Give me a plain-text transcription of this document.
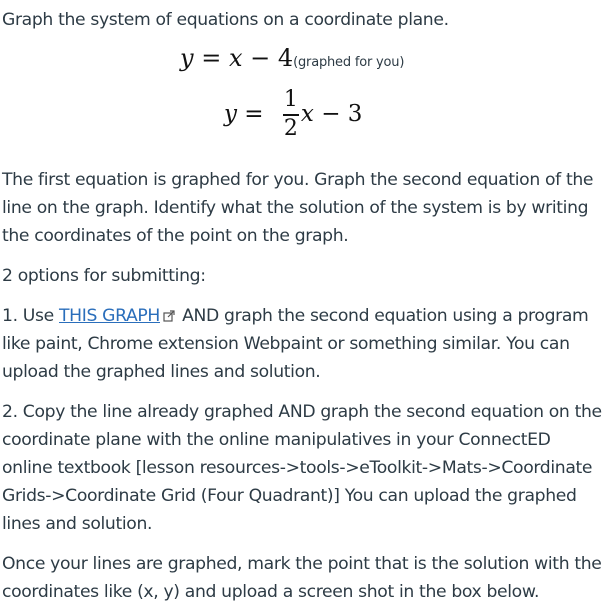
Graph the system of equations on a coordinate plane.

y = x − 4(graphed for you)
$y = \frac{1}{2}$ x − 3

The first equation is graphed for you. Graph the second equation of the line on the graph. Identify what the solution of the system is by writing the coordinates of the point on the graph.

2 options for submitting:

1. Use THIS GRAPH AND graph the second equation using a program like paint, Chrome extension Webpaint or something similar. You can upload the graphed lines and solution.

2. Copy the line already graphed AND graph the second equation on the coordinate plane with the online manipulatives in your ConnectED online textbook [lesson resources->tools->eToolkit->Mats->Coordinate Grids->Coordinate Grid (Four Quadrant)] You can upload the graphed lines and solution.

Once your lines are graphed, mark the point that is the solution with the coordinates like (x, y) and upload a screen shot in the box below.
